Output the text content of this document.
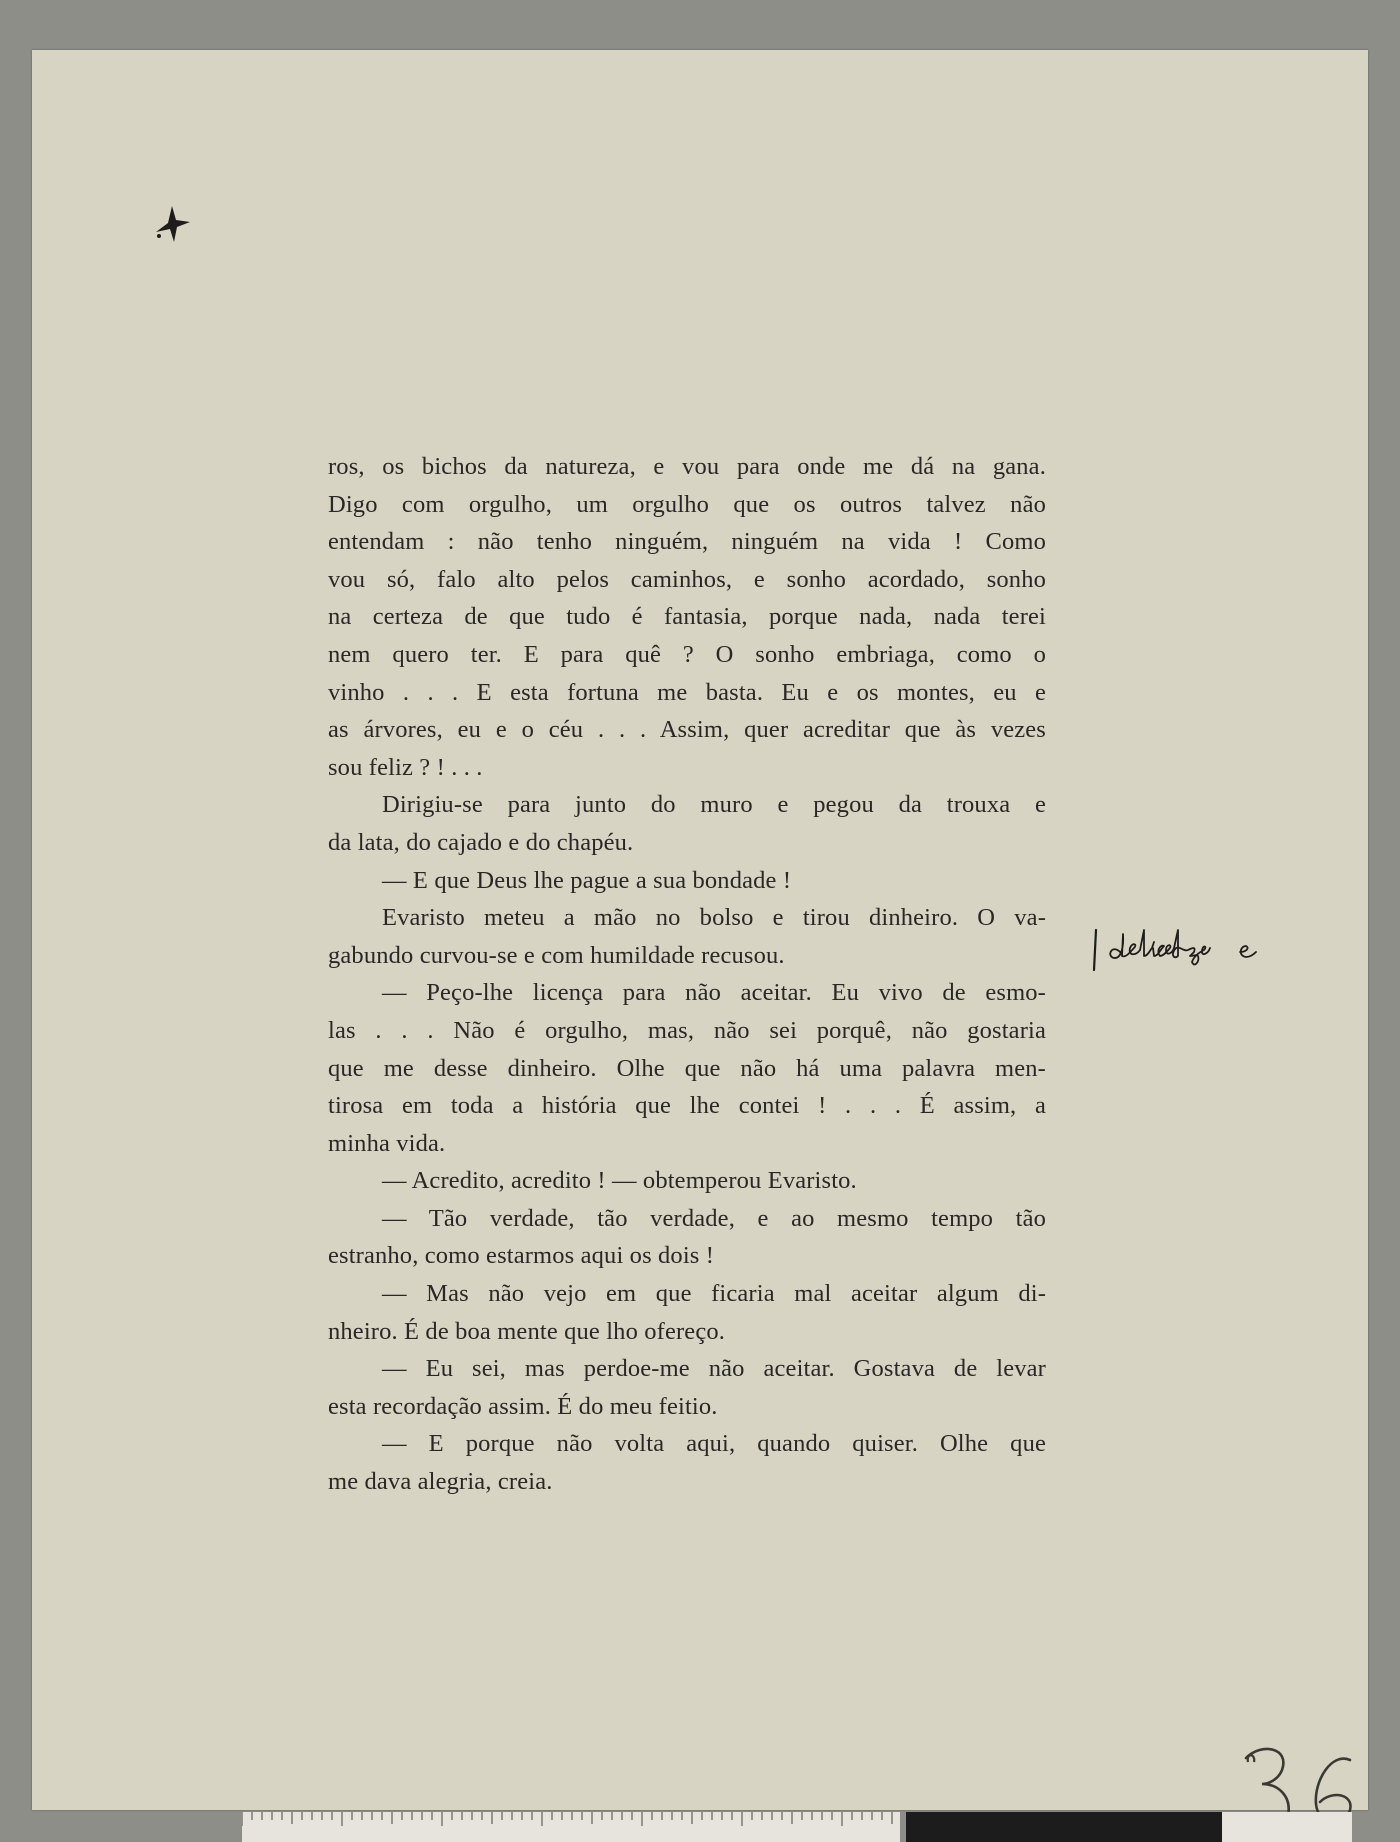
ros, os bichos da natureza, e vou para onde me dá na gana.
Digo com orgulho, um orgulho que os outros talvez não
entendam : não tenho ninguém, ninguém na vida ! Como
vou só, falo alto pelos caminhos, e sonho acordado, sonho
na certeza de que tudo é fantasia, porque nada, nada terei
nem quero ter. E para quê ? O sonho embriaga, como o
vinho . . . E esta fortuna me basta. Eu e os montes, eu e
as árvores, eu e o céu . . . Assim, quer acreditar que às vezes
sou feliz ? ! . . .
Dirigiu-se para junto do muro e pegou da trouxa e
da lata, do cajado e do chapéu.
— E que Deus lhe pague a sua bondade !
Evaristo meteu a mão no bolso e tirou dinheiro. O va-
gabundo curvou-se e com humildade recusou.
— Peço-lhe licença para não aceitar. Eu vivo de esmo-
las . . . Não é orgulho, mas, não sei porquê, não gostaria
que me desse dinheiro. Olhe que não há uma palavra men-
tirosa em toda a história que lhe contei ! . . . É assim, a
minha vida.
— Acredito, acredito ! — obtemperou Evaristo.
— Tão verdade, tão verdade, e ao mesmo tempo tão
estranho, como estarmos aqui os dois !
— Mas não vejo em que ficaria mal aceitar algum di-
nheiro. É de boa mente que lho ofereço.
— Eu sei, mas perdoe-me não aceitar. Gostava de levar
esta recordação assim. É do meu feitio.
— E porque não volta aqui, quando quiser. Olhe que
me dava alegria, creia.
